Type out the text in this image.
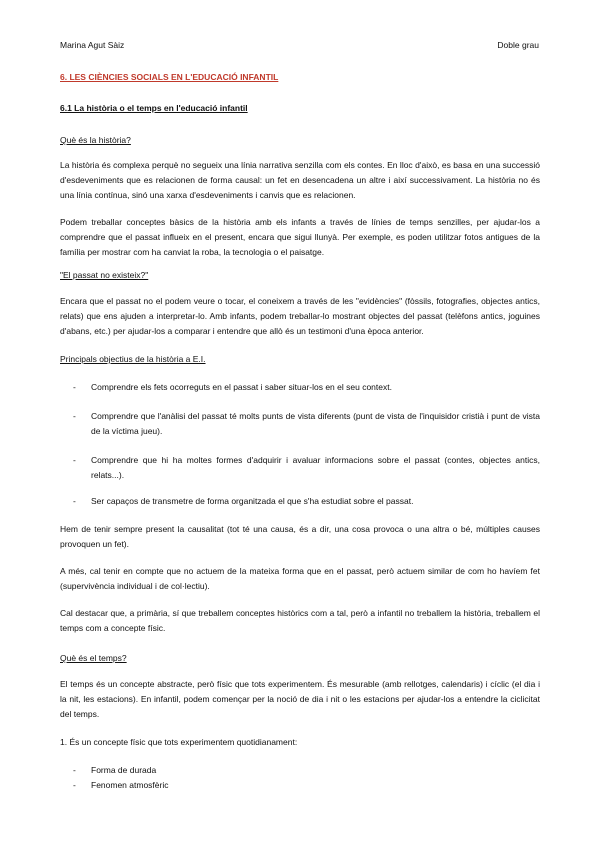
Marina Agut Sàiz	Doble grau
6. LES CIÈNCIES SOCIALS EN L'EDUCACIÓ INFANTIL
6.1 La història o el temps en l'educació infantil
Què és la història?
La història és complexa perquè no segueix una línia narrativa senzilla com els contes. En lloc d'això, es basa en una successió d'esdeveniments que es relacionen de forma causal: un fet en desencadena un altre i així successivament. La història no és una línia contínua, sinó una xarxa d'esdeveniments i canvis que es relacionen.
Podem treballar conceptes bàsics de la història amb els infants a través de línies de temps senzilles, per ajudar-los a comprendre que el passat influeix en el present, encara que sigui llunyà. Per exemple, es poden utilitzar fotos antigues de la família per mostrar com ha canviat la roba, la tecnologia o el paisatge.
"El passat no existeix?"
Encara que el passat no el podem veure o tocar, el coneixem a través de les "evidències" (fòssils, fotografies, objectes antics, relats) que ens ajuden a interpretar-lo. Amb infants, podem treballar-lo mostrant objectes del passat (telèfons antics, joguines d'abans, etc.) per ajudar-los a comparar i entendre que allò és un testimoni d'una època anterior.
Principals objectius de la història a E.I.
- Comprendre els fets ocorreguts en el passat i saber situar-los en el seu context.
- Comprendre que l'anàlisi del passat té molts punts de vista diferents (punt de vista de l'inquisidor cristià i punt de vista de la víctima jueu).
- Comprendre que hi ha moltes formes d'adquirir i avaluar informacions sobre el passat (contes, objectes antics, relats...).
- Ser capaços de transmetre de forma organitzada el que s'ha estudiat sobre el passat.
Hem de tenir sempre present la causalitat (tot té una causa, és a dir, una cosa provoca o una altra o bé, múltiples causes provoquen un fet).
A més, cal tenir en compte que no actuem de la mateixa forma que en el passat, però actuem similar de com ho havíem fet (supervivència individual i de col·lectiu).
Cal destacar que, a primària, sí que treballem conceptes històrics com a tal, però a infantil no treballem la història, treballem el temps com a concepte físic.
Què és el temps?
El temps és un concepte abstracte, però físic que tots experimentem. És mesurable (amb rellotges, calendaris) i cíclic (el dia i la nit, les estacions). En infantil, podem començar per la noció de dia i nit o les estacions per ajudar-los a entendre la ciclicitat del temps.
1. És un concepte físic que tots experimentem quotidianament:
- Forma de durada
- Fenomen atmosfèric
